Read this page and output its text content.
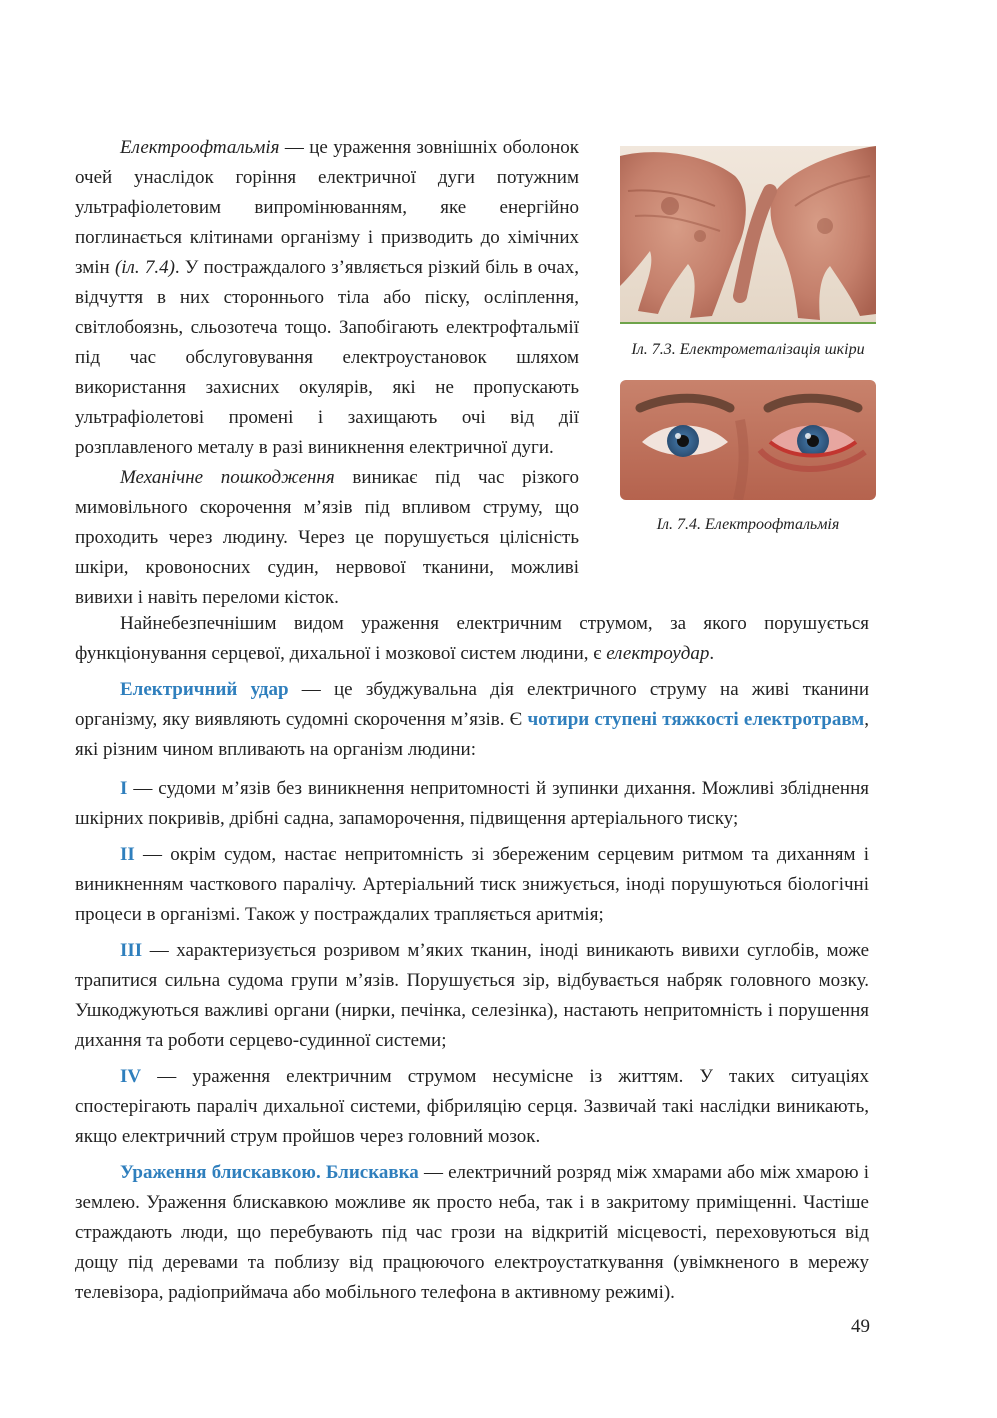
Електроофтальмія — це ураження зовнішніх оболонок очей унаслідок горіння електричної дуги потужним ультрафіолетовим випромінюванням, яке енергійно поглинається клітинами організму і призводить до хімічних змін (іл. 7.4). У постраждалого з’являється різкий біль в очах, відчуття в них стороннього тіла або піску, осліплення, світлобоязнь, сльозотеча тощо. Запобігають електрофтальмії під час обслуговування електроустановок шляхом використання захисних окулярів, які не пропускають ультрафіолетові промені і захищають очі від дії розплавленого металу в разі виникнення електричної дуги.

Механічне пошкодження виникає під час різкого мимовільного скорочення м’язів під впливом струму, що проходить через людину. Через це порушується цілісність шкіри, кровоносних судин, нервової тканини, можливі вивихи і навіть переломи кісток.

Іл. 7.3. Електрометалізація шкіри
Іл. 7.4. Електроофтальмія

Найнебезпечнішим видом ураження електричним струмом, за якого порушується функціонування серцевої, дихальної і мозкової систем людини, є електроудар.

Електричний удар — це збуджувальна дія електричного струму на живі тканини організму, яку виявляють судомні скорочення м’язів. Є чотири ступені тяжкості електротравм, які різним чином впливають на організм людини:

I — судоми м’язів без виникнення непритомності й зупинки дихання. Можливі збліднення шкірних покривів, дрібні садна, запаморочення, підвищення артеріального тиску;

II — окрім судом, настає непритомність зі збереженим серцевим ритмом та диханням і виникненням часткового паралічу. Артеріальний тиск знижується, іноді порушуються біологічні процеси в організмі. Також у постраждалих трапляється аритмія;

III — характеризується розривом м’яких тканин, іноді виникають вивихи суглобів, може трапитися сильна судома групи м’язів. Порушується зір, відбувається набряк головного мозку. Ушкоджуються важливі органи (нирки, печінка, селезінка), настають непритомність і порушення дихання та роботи серцево-судинної системи;

IV — ураження електричним струмом несумісне із життям. У таких ситуаціях спостерігають параліч дихальної системи, фібриляцію серця. Зазвичай такі наслідки виникають, якщо електричний струм пройшов через головний мозок.

Ураження блискавкою. Блискавка — електричний розряд між хмарами або між хмарою і землею. Ураження блискавкою можливе як просто неба, так і в закритому приміщенні. Частіше страждають люди, що перебувають під час грози на відкритій місцевості, переховуються від дощу під деревами та поблизу від працюючого електроустаткування (увімкненого в мережу телевізора, радіоприймача або мобільного телефона в активному режимі).

49
